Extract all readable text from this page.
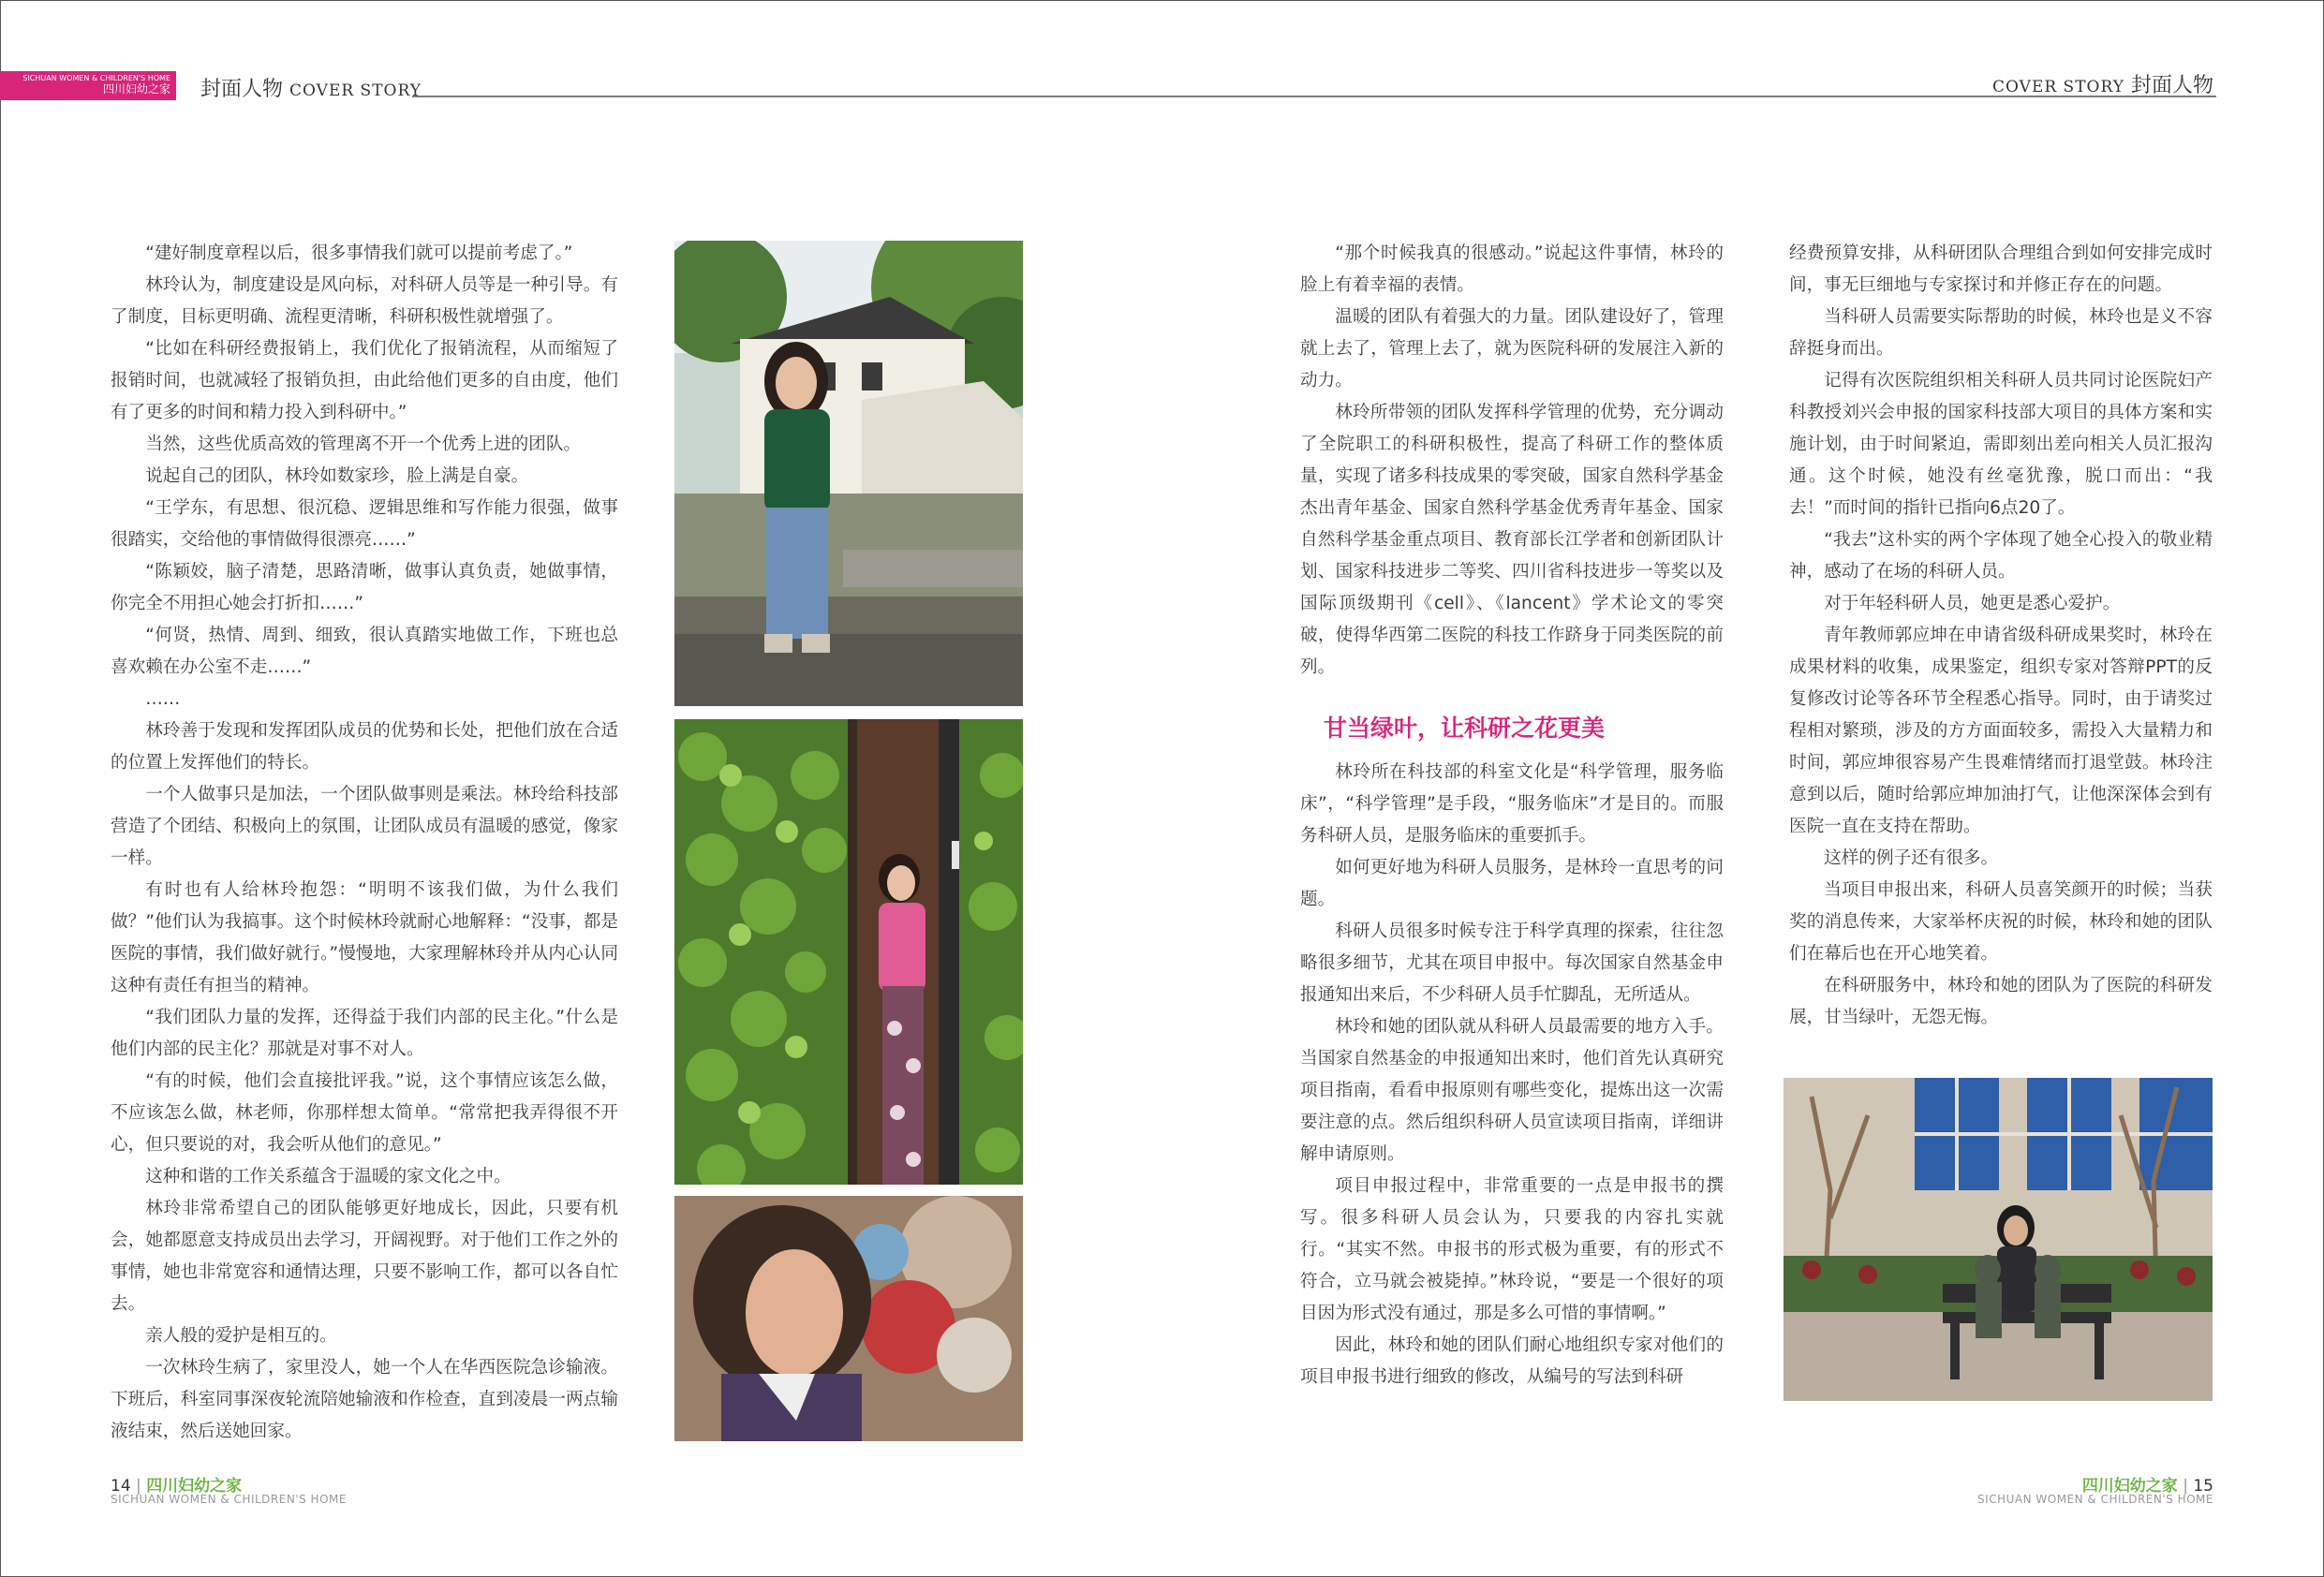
SICHUAN WOMEN & CHILDREN'S HOME
四川妇幼之家 封面人物 COVER STORY	COVER STORY 封面人物

“建好制度章程以后，很多事情我们就可以提前考虑了。”

林玲认为，制度建设是风向标，对科研人员等是一种引导。有了制度，目标更明确、流程更清晰，科研积极性就增强了。

“比如在科研经费报销上，我们优化了报销流程，从而缩短了报销时间，也就减轻了报销负担，由此给他们更多的自由度，他们有了更多的时间和精力投入到科研中。”

当然，这些优质高效的管理离不开一个优秀上进的团队。

说起自己的团队，林玲如数家珍，脸上满是自豪。

“王学东，有思想、很沉稳、逻辑思维和写作能力很强，做事很踏实，交给他的事情做得很漂亮……”

“陈颖姣，脑子清楚，思路清晰，做事认真负责，她做事情，你完全不用担心她会打折扣……”

“何贤，热情、周到、细致，很认真踏实地做工作，下班也总喜欢赖在办公室不走……”

……

林玲善于发现和发挥团队成员的优势和长处，把他们放在合适的位置上发挥他们的特长。

一个人做事只是加法，一个团队做事则是乘法。林玲给科技部营造了个团结、积极向上的氛围，让团队成员有温暖的感觉，像家一样。

有时也有人给林玲抱怨：“明明不该我们做，为什么我们做？”他们认为我搞事。这个时候林玲就耐心地解释：“没事，都是医院的事情，我们做好就行。”慢慢地，大家理解林玲并从内心认同这种有责任有担当的精神。

“我们团队力量的发挥，还得益于我们内部的民主化。”什么是他们内部的民主化？那就是对事不对人。

“有的时候，他们会直接批评我。”说，这个事情应该怎么做，不应该怎么做，林老师，你那样想太简单。“常常把我弄得很不开心，但只要说的对，我会听从他们的意见。”

这种和谐的工作关系蕴含于温暖的家文化之中。

林玲非常希望自己的团队能够更好地成长，因此，只要有机会，她都愿意支持成员出去学习，开阔视野。对于他们工作之外的事情，她也非常宽容和通情达理，只要不影响工作，都可以各自忙去。

亲人般的爱护是相互的。

一次林玲生病了，家里没人，她一个人在华西医院急诊输液。下班后，科室同事深夜轮流陪她输液和作检查，直到凌晨一两点输液结束，然后送她回家。

“那个时候我真的很感动。”说起这件事情，林玲的脸上有着幸福的表情。

温暖的团队有着强大的力量。团队建设好了，管理就上去了，管理上去了，就为医院科研的发展注入新的动力。

林玲所带领的团队发挥科学管理的优势，充分调动了全院职工的科研积极性，提高了科研工作的整体质量，实现了诸多科技成果的零突破，国家自然科学基金杰出青年基金、国家自然科学基金优秀青年基金、国家自然科学基金重点项目、教育部长江学者和创新团队计划、国家科技进步二等奖、四川省科技进步一等奖以及国际顶级期刊《cell》、《lancent》学术论文的零突破，使得华西第二医院的科技工作跻身于同类医院的前列。

甘当绿叶，让科研之花更美

林玲所在科技部的科室文化是“科学管理，服务临床”，“科学管理”是手段，“服务临床”才是目的。而服务科研人员，是服务临床的重要抓手。

如何更好地为科研人员服务，是林玲一直思考的问题。

科研人员很多时候专注于科学真理的探索，往往忽略很多细节，尤其在项目申报中。每次国家自然基金申报通知出来后，不少科研人员手忙脚乱，无所适从。

林玲和她的团队就从科研人员最需要的地方入手。当国家自然基金的申报通知出来时，他们首先认真研究项目指南，看看申报原则有哪些变化，提炼出这一次需要注意的点。然后组织科研人员宣读项目指南，详细讲解申请原则。

项目申报过程中，非常重要的一点是申报书的撰写。很多科研人员会认为，只要我的内容扎实就行。“其实不然。申报书的形式极为重要，有的形式不符合，立马就会被毙掉。”林玲说，“要是一个很好的项目因为形式没有通过，那是多么可惜的事情啊。”

因此，林玲和她的团队们耐心地组织专家对他们的项目申报书进行细致的修改，从编号的写法到科研

经费预算安排，从科研团队合理组合到如何安排完成时间，事无巨细地与专家探讨和并修正存在的问题。

当科研人员需要实际帮助的时候，林玲也是义不容辞挺身而出。

记得有次医院组织相关科研人员共同讨论医院妇产科教授刘兴会申报的国家科技部大项目的具体方案和实施计划，由于时间紧迫，需即刻出差向相关人员汇报沟通。这个时候，她没有丝毫犹豫，脱口而出：“我去！”而时间的指针已指向6点20了。

“我去”这朴实的两个字体现了她全心投入的敬业精神，感动了在场的科研人员。

对于年轻科研人员，她更是悉心爱护。

青年教师郭应坤在申请省级科研成果奖时，林玲在成果材料的收集，成果鉴定，组织专家对答辩PPT的反复修改讨论等各环节全程悉心指导。同时，由于请奖过程相对繁琐，涉及的方方面面较多，需投入大量精力和时间，郭应坤很容易产生畏难情绪而打退堂鼓。林玲注意到以后，随时给郭应坤加油打气，让他深深体会到有医院一直在支持在帮助。

这样的例子还有很多。

当项目申报出来，科研人员喜笑颜开的时候；当获奖的消息传来，大家举杯庆祝的时候，林玲和她的团队们在幕后也在开心地笑着。

在科研服务中，林玲和她的团队为了医院的科研发展，甘当绿叶，无怨无悔。

14 | 四川妇幼之家
SICHUAN WOMEN & CHILDREN'S HOME
四川妇幼之家 | 15
SICHUAN WOMEN & CHILDREN'S HOME
